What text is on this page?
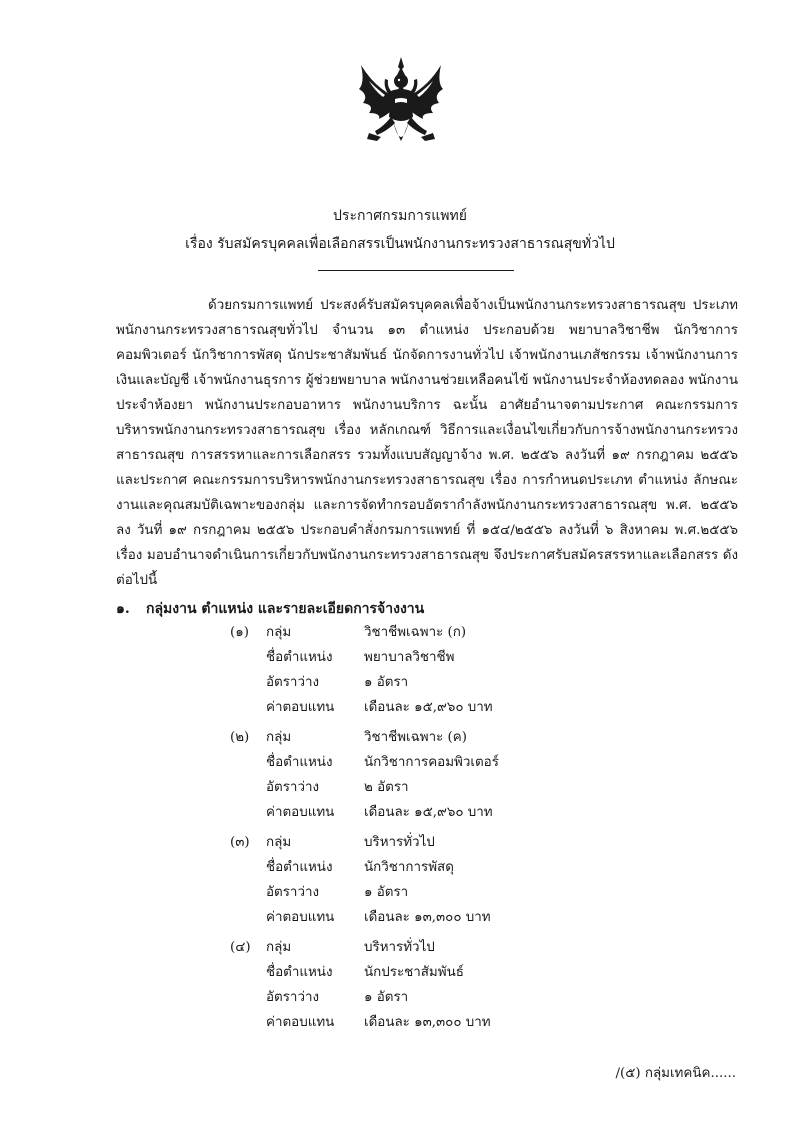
ประกาศกรมการแพทย์
เรื่อง รับสมัครบุคคลเพื่อเลือกสรรเป็นพนักงานกระทรวงสาธารณสุขทั่วไป

ด้วยกรมการแพทย์ ประสงค์รับสมัครบุคคลเพื่อจ้างเป็นพนักงานกระทรวงสาธารณสุข ประเภทพนักงานกระทรวงสาธารณสุขทั่วไป จำนวน ๑๓ ตำแหน่ง ประกอบด้วย พยาบาลวิชาชีพ นักวิชาการคอมพิวเตอร์ นักวิชาการพัสดุ นักประชาสัมพันธ์ นักจัดการงานทั่วไป เจ้าพนักงานเภสัชกรรม เจ้าพนักงานการเงินและบัญชี เจ้าพนักงานธุรการ ผู้ช่วยพยาบาล พนักงานช่วยเหลือคนไข้ พนักงานประจำห้องทดลอง พนักงานประจำห้องยา พนักงานประกอบอาหาร พนักงานบริการ ฉะนั้น อาศัยอำนาจตามประกาศ คณะกรรมการบริหารพนักงานกระทรวงสาธารณสุข เรื่อง หลักเกณฑ์ วิธีการและเงื่อนไขเกี่ยวกับการจ้างพนักงานกระทรวงสาธารณสุข การสรรหาและการเลือกสรร รวมทั้งแบบสัญญาจ้าง พ.ศ. ๒๕๕๖ ลงวันที่ ๑๙ กรกฎาคม ๒๕๕๖ และประกาศ คณะกรรมการบริหารพนักงานกระทรวงสาธารณสุข เรื่อง การกำหนดประเภท ตำแหน่ง ลักษณะงานและคุณสมบัติเฉพาะของกลุ่ม และการจัดทำกรอบอัตรากำลังพนักงานกระทรวงสาธารณสุข พ.ศ. ๒๕๕๖ ลง วันที่ ๑๙ กรกฎาคม ๒๕๕๖ ประกอบคำสั่งกรมการแพทย์ ที่ ๑๕๔/๒๕๕๖ ลงวันที่ ๖ สิงหาคม พ.ศ.๒๕๕๖ เรื่อง มอบอำนาจดำเนินการเกี่ยวกับพนักงานกระทรวงสาธารณสุข จึงประกาศรับสมัครสรรหาและเลือกสรร ดังต่อไปนี้

๑. กลุ่มงาน ตำแหน่ง และรายละเอียดการจ้างงาน
(๑) กลุ่ม	วิชาชีพเฉพาะ (ก)
ชื่อตำแหน่ง พยาบาลวิชาชีพ
อัตราว่าง	๑ อัตรา
ค่าตอบแทน เดือนละ ๑๕,๙๖๐ บาท
(๒) กลุ่ม	วิชาชีพเฉพาะ (ค)
ชื่อตำแหน่ง นักวิชาการคอมพิวเตอร์
อัตราว่าง	๒ อัตรา
ค่าตอบแทน เดือนละ ๑๕,๙๖๐ บาท
(๓) กลุ่ม	บริหารทั่วไป
ชื่อตำแหน่ง นักวิชาการพัสดุ
อัตราว่าง	๑ อัตรา
ค่าตอบแทน เดือนละ ๑๓,๓๐๐ บาท
(๔) กลุ่ม	บริหารทั่วไป
ชื่อตำแหน่ง นักประชาสัมพันธ์
อัตราว่าง	๑ อัตรา
ค่าตอบแทน เดือนละ ๑๓,๓๐๐ บาท
/(๕) กลุ่มเทคนิค......
